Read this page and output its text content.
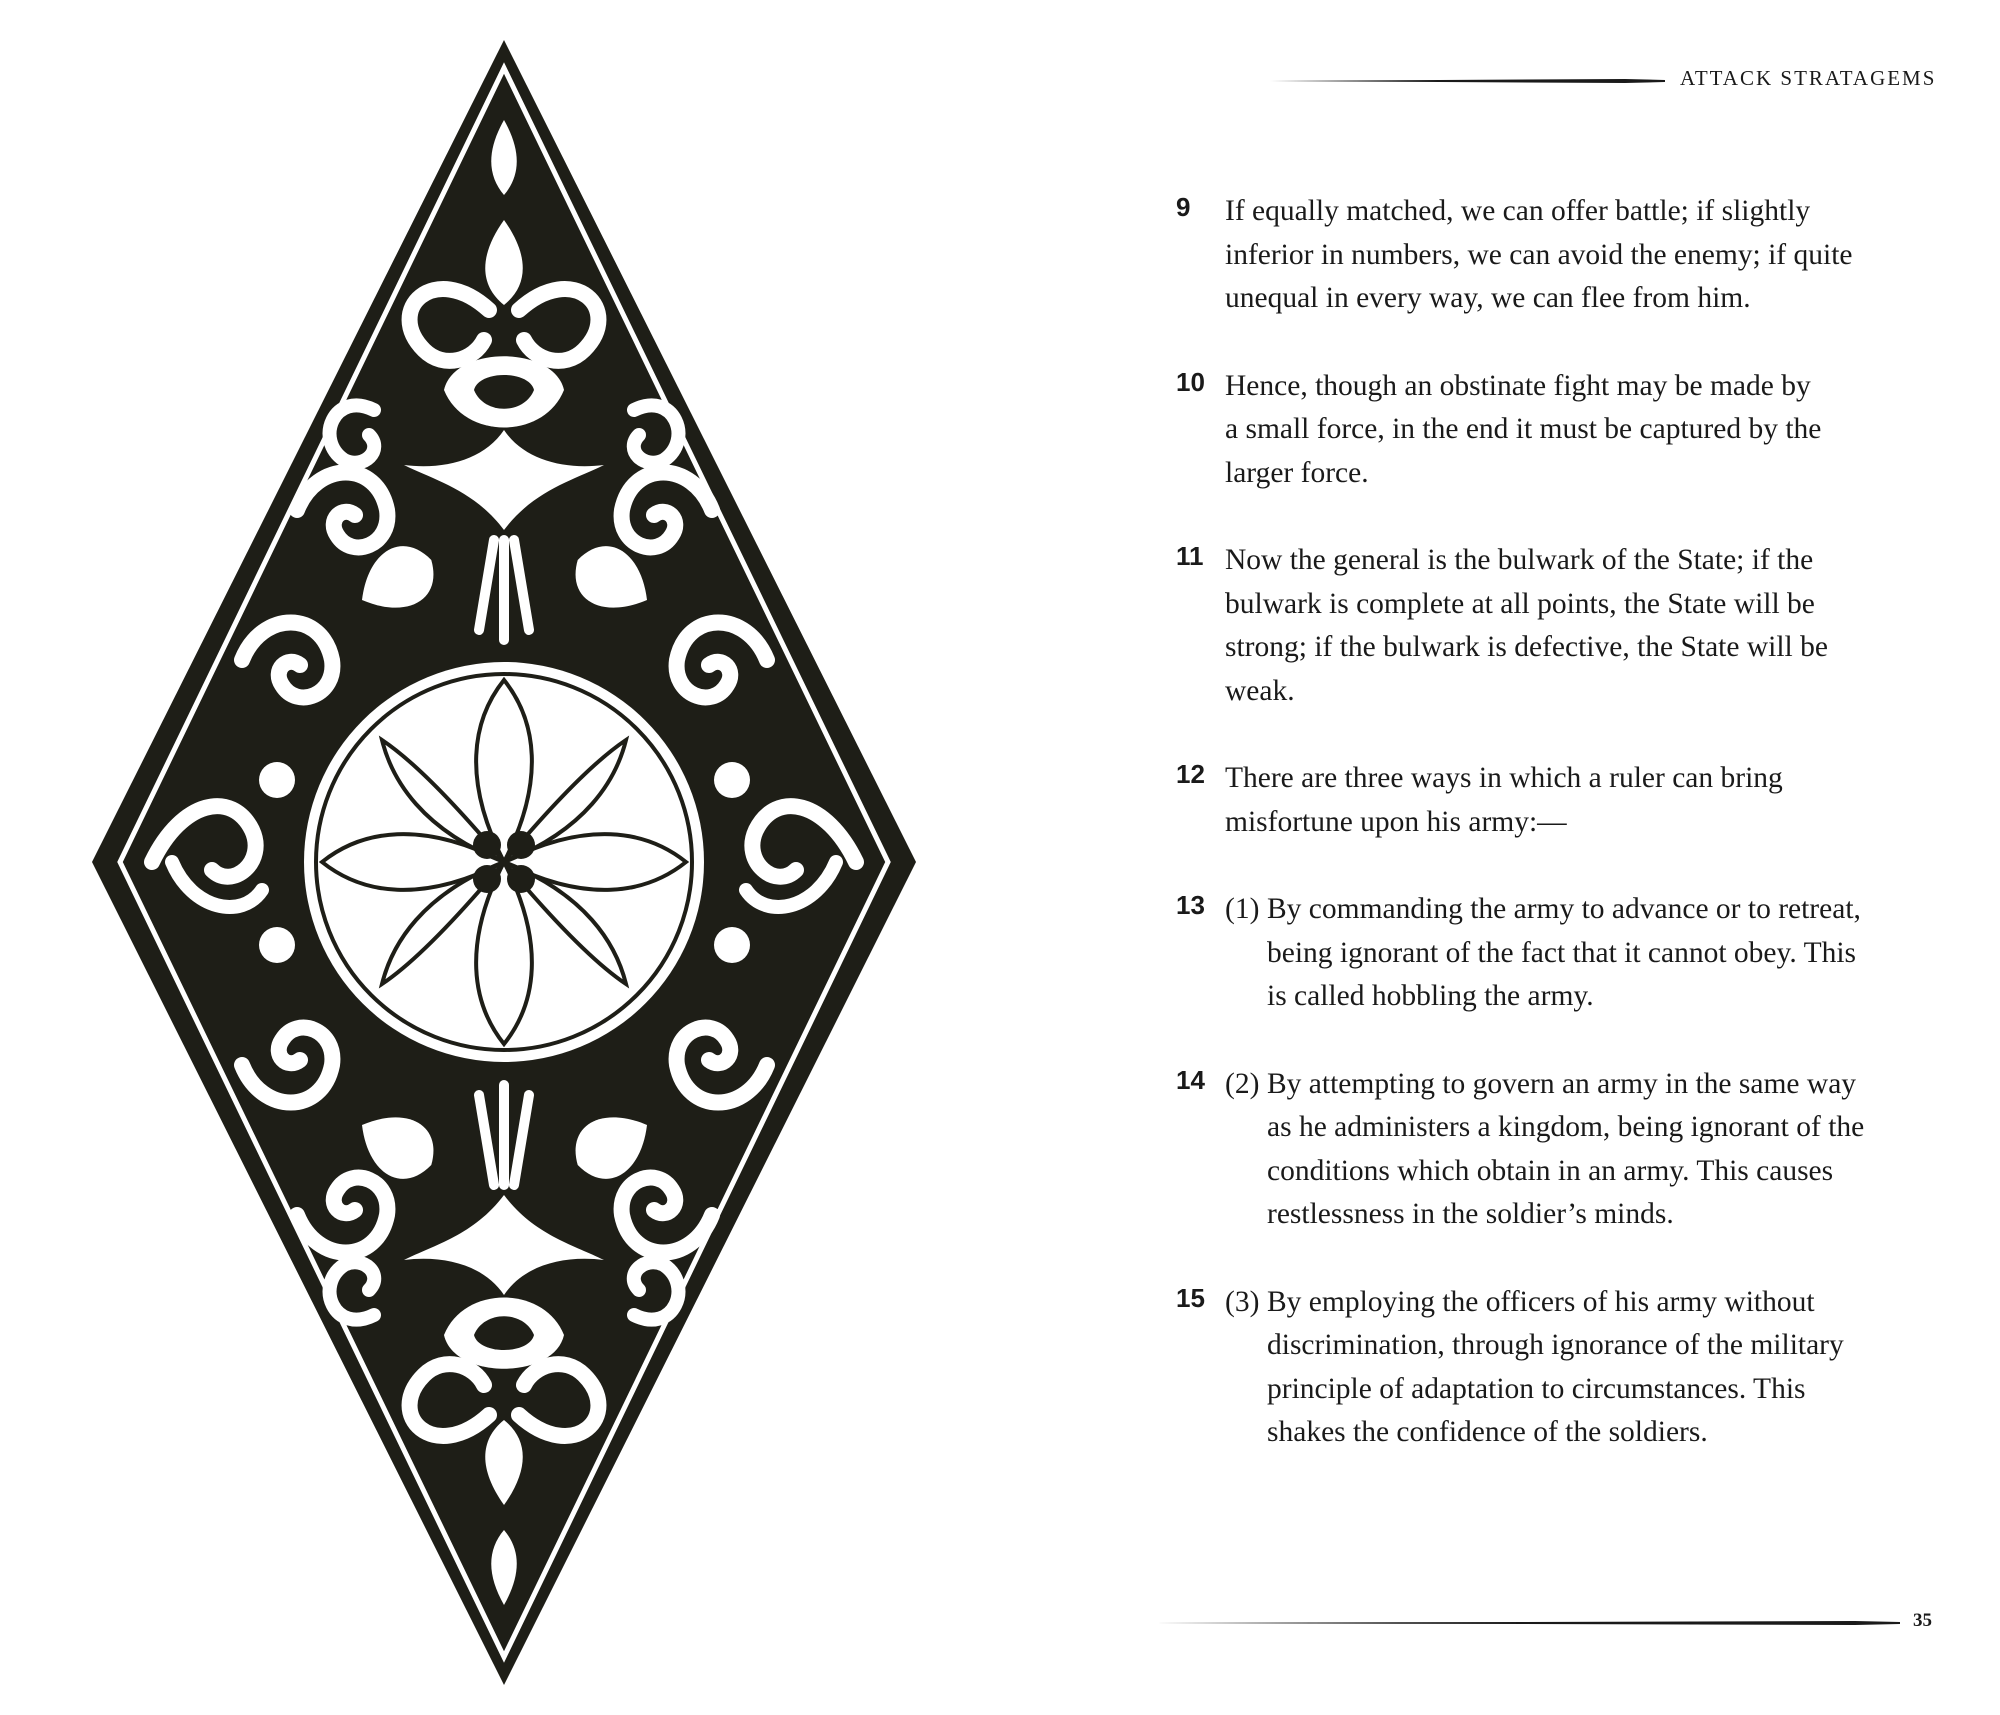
ATTACK STRATAGEMS
9 If equally matched, we can offer battle; if slightly
inferior in numbers, we can avoid the enemy; if quite
unequal in every way, we can flee from him.
10 Hence, though an obstinate fight may be made by
a small force, in the end it must be captured by the
larger force.
11 Now the general is the bulwark of the State; if the
bulwark is complete at all points, the State will be
strong; if the bulwark is defective, the State will be
weak.
12 There are three ways in which a ruler can bring
misfortune upon his army:—
13 (1) By commanding the army to advance or to retreat,
being ignorant of the fact that it cannot obey. This
is called hobbling the army.
14 (2) By attempting to govern an army in the same way
as he administers a kingdom, being ignorant of the
conditions which obtain in an army. This causes
restlessness in the soldier’s minds.
15 (3) By employing the officers of his army without
discrimination, through ignorance of the military
principle of adaptation to circumstances. This
shakes the confidence of the soldiers.
35
